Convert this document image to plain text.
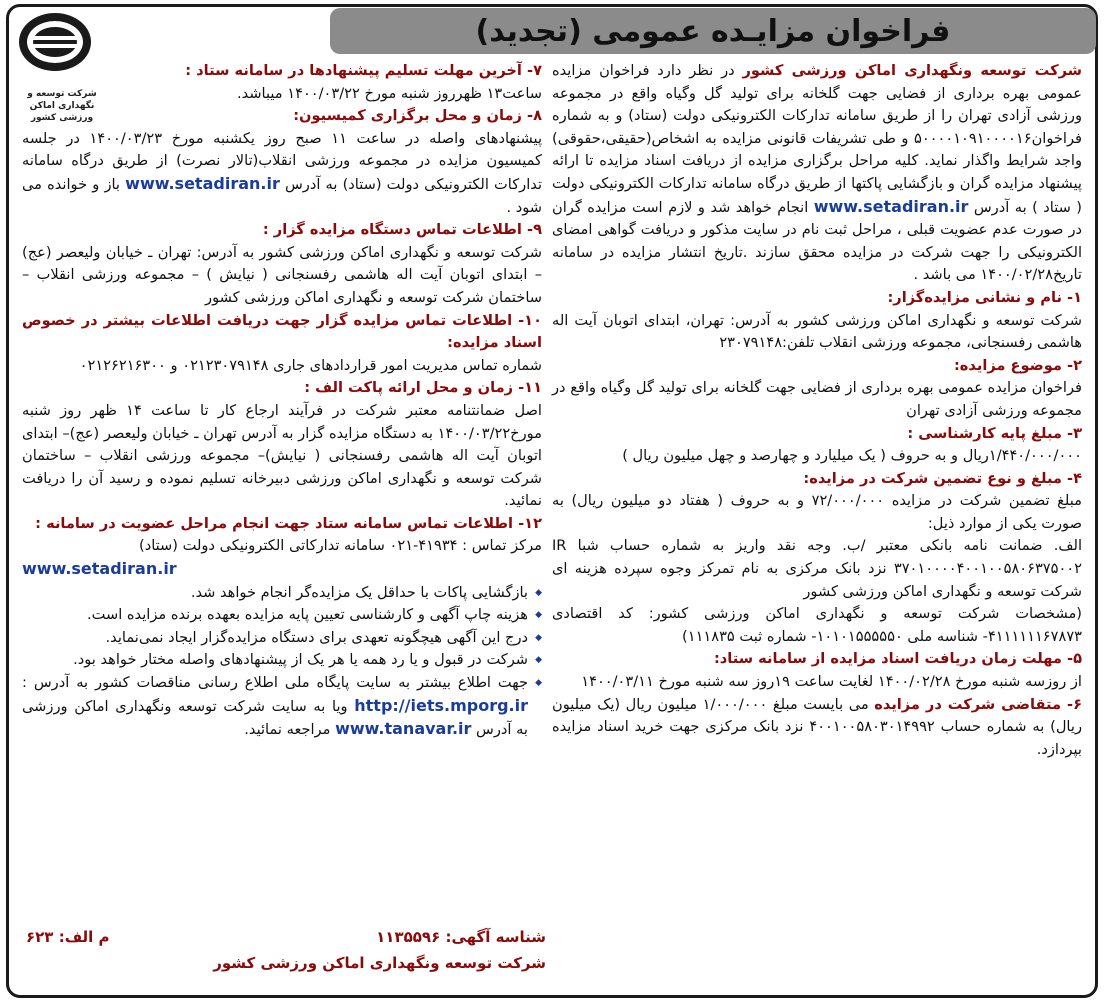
فراخوان مزایـده عمومی (تجدید)
شرکت توسعه و نگهداری اماکن ورزشی کشور

شرکت توسعه ونگهداری اماکن ورزشی کشور در نظر دارد فراخوان مزایده عمومی بهره برداری از فضایی جهت گلخانه برای تولید گل وگیاه واقع در مجموعه ورزشی آزادی تهران را از طریق سامانه تدارکات الکترونیکی دولت (ستاد) و به شماره فراخوان۵۰۰۰۰۱۰۹۱۰۰۰۰۱۶ و طی تشریفات قانونی مزایده به اشخاص(حقیقی،حقوقی) واجد شرایط واگذار نماید. کلیه مراحل برگزاری مزایده از دریافت اسناد مزایده تا ارائه پیشنهاد مزایده گران و بازگشایی پاکتها از طریق درگاه سامانه تدارکات الکترونیکی دولت ( ستاد ) به آدرس www.setadiran.ir انجام خواهد شد و لازم است مزایده گران در صورت عدم عضویت قبلی ، مراحل ثبت نام در سایت مذکور و دریافت گواهی امضای الکترونیکی را جهت شرکت در مزایده محقق سازند .تاریخ انتشار مزایده در سامانه تاریخ۱۴۰۰/۰۲/۲۸ می باشد .

۱- نام و نشانی مزایده‌گزار:

شرکت توسعه و نگهداری اماکن ورزشی کشور به آدرس: تهران، ابتدای اتوبان آیت اله هاشمی رفسنجانی، مجموعه ورزشی انقلاب تلفن:۲۳۰۷۹۱۴۸

۲- موضوع مزایده:

فراخوان مزایده عمومی بهره برداری از فضایی جهت گلخانه برای تولید گل وگیاه واقع در مجموعه ورزشی آزادی تهران

۳- مبلغ پایه کارشناسی :

۱/۴۴۰/۰۰۰/۰۰۰ریال و به حروف ( یک میلیارد و چهارصد و چهل میلیون ریال )

۴- مبلغ و نوع تضمین شرکت در مزایده:

مبلغ تضمین شرکت در مزایده ۷۲/۰۰۰/۰۰۰ و به حروف ( هفتاد دو میلیون ریال) به صورت یکی از موارد ذیل:

الف. ضمانت نامه بانکی معتبر /ب. وجه نقد واریز به شماره حساب شبا IR ۳۷۰۱۰۰۰۰۴۰۰۱۰۰۵۸۰۶۳۷۵۰۰۲ نزد بانک مرکزی به نام تمرکز وجوه سپرده هزینه ای شرکت توسعه و نگهداری اماکن ورزشی کشور

(مشخصات شرکت توسعه و نگهداری اماکن ورزشی کشور: کد اقتصادی ۴۱۱۱۱۱۱۶۷۸۷۳- شناسه ملی ۱۰۱۰۱۵۵۵۵۵۰- شماره ثبت ۱۱۱۸۳۵)

۵- مهلت زمان دریافت اسناد مزایده از سامانه ستاد:

از روزسه شنبه مورخ ۱۴۰۰/۰۲/۲۸ لغایت ساعت ۱۹روز سه شنبه مورخ ۱۴۰۰/۰۳/۱۱

۶- متقاضی شرکت در مزایده می بایست مبلغ ۱/۰۰۰/۰۰۰ میلیون ریال (یک میلیون ریال) به شماره حساب ۴۰۰۱۰۰۵۸۰۳۰۱۴۹۹۲ نزد بانک مرکزی جهت خرید اسناد مزایده بپردازد.

۷- آخرین مهلت تسلیم پیشنهادها در سامانه ستاد :

ساعت۱۳ ظهرروز شنبه مورخ ۱۴۰۰/۰۳/۲۲ میباشد.

۸- زمان و محل برگزاری کمیسیون:

پیشنهادهای واصله در ساعت ۱۱ صبح روز یکشنبه مورخ ۱۴۰۰/۰۳/۲۳ در جلسه کمیسیون مزایده در مجموعه ورزشی انقلاب(تالار نصرت) از طریق درگاه سامانه تدارکات الکترونیکی دولت (ستاد) به آدرس www.setadiran.ir باز و خوانده می شود .

۹- اطلاعات تماس دستگاه مزایده گزار :

شرکت توسعه و نگهداری اماکن ورزشی کشور به آدرس: تهران ـ خیابان ولیعصر (عج) – ابتدای اتوبان آیت اله هاشمی رفسنجانی ( نیایش ) – مجموعه ورزشی انقلاب – ساختمان شرکت توسعه و نگهداری اماکن ورزشی کشور

۱۰- اطلاعات تماس مزایده گزار جهت دریافت اطلاعات بیشتر در خصوص اسناد مزایده:

شماره تماس مدیریت امور قراردادهای جاری ۰۲۱۲۳۰۷۹۱۴۸ و ۰۲۱۲۶۲۱۶۳۰۰

۱۱- زمان و محل ارائه پاکت الف :

اصل ضمانتنامه معتبر شرکت در فرآیند ارجاع کار تا ساعت ۱۴ ظهر روز شنبه مورخ۱۴۰۰/۰۳/۲۲ به دستگاه مزایده گزار به آدرس تهران ـ خیابان ولیعصر (عج)– ابتدای اتوبان آیت اله هاشمی رفسنجانی ( نیایش)– مجموعه ورزشی انقلاب – ساختمان شرکت توسعه و نگهداری اماکن ورزشی دبیرخانه تسلیم نموده و رسید آن را دریافت نمائید.

۱۲- اطلاعات تماس سامانه ستاد جهت انجام مراحل عضویت در سامانه :

مرکز تماس : ۴۱۹۳۴-۰۲۱ سامانه تداركاتی الكترونیكی دولت (ستاد)

www.setadiran.ir

◆ بازگشایی پاکات با حداقل یک مزایده‌گر انجام خواهد شد.
◆ هزینه چاپ آگهی و کارشناسی تعیین پایه مزایده بعهده برنده مزایده است.
◆ درج این آگهی هیچگونه تعهدی برای دستگاه مزایده‌گزار ایجاد نمی‌نماید.
◆ شرکت در قبول و یا رد همه یا هر یک از پیشنهادهای واصله مختار خواهد بود.
◆ جهت اطلاع بیشتر به سایت پایگاه ملی اطلاع رسانی مناقصات کشور به آدرس : http://iets.mporg.ir ویا به سایت شرکت توسعه ونگهداری اماکن ورزشی به آدرس www.tanavar.ir مراجعه نمائید.
شناسه آگهی: ۱۱۳۵۵۹۶
م الف: ۶۲۳
شرکت توسعه ونگهداری اماکن ورزشی کشور
